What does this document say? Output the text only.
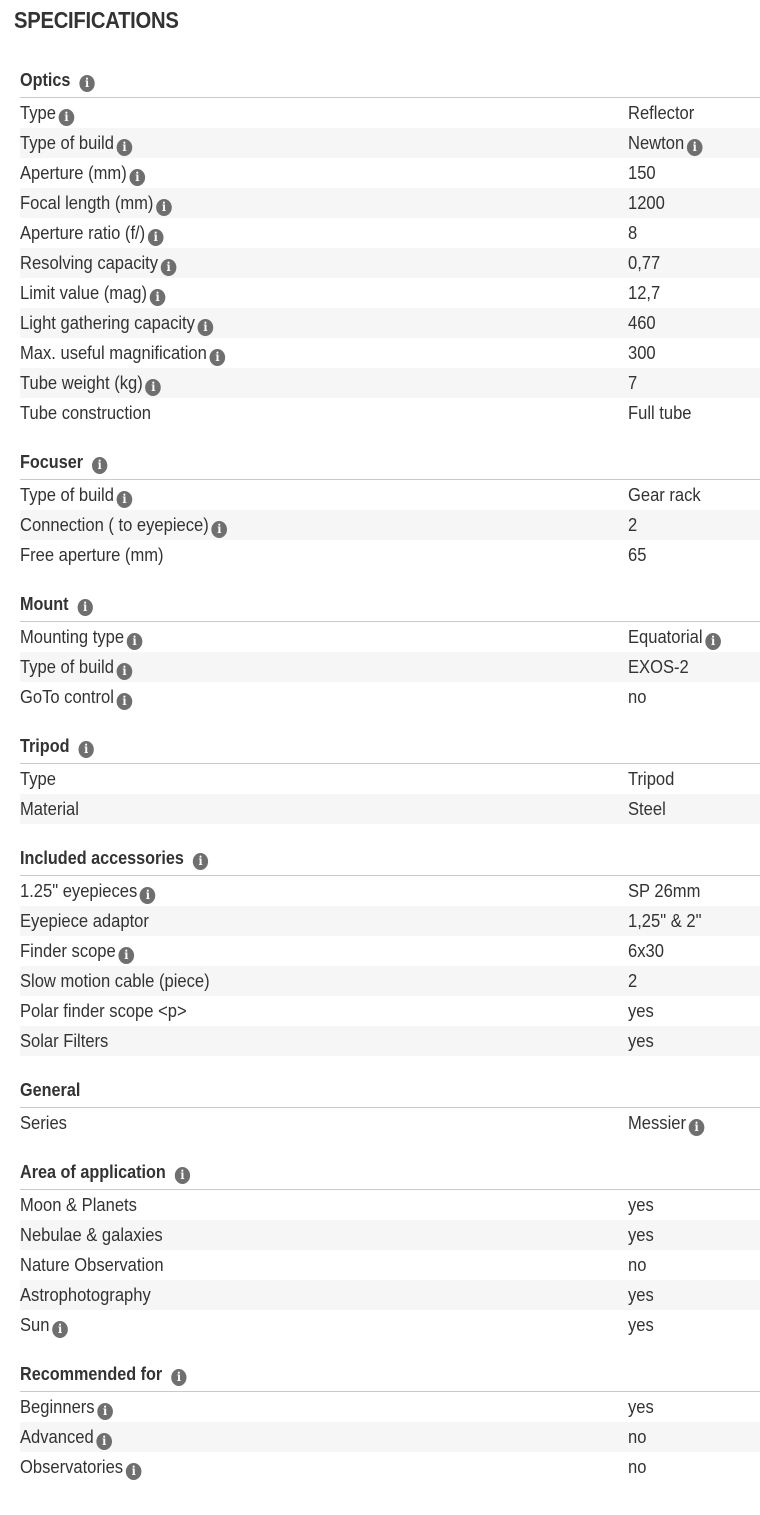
SPECIFICATIONS
Optics i
Type i	Reflector
Type of build i	Newton i
Aperture (mm) i	150
Focal length (mm) i	1200
Aperture ratio (f/) i	8
Resolving capacity i	0,77
Limit value (mag) i	12,7
Light gathering capacity i	460
Max. useful magnification i	300
Tube weight (kg) i	7
Tube construction	Full tube
Focuser i
Type of build i	Gear rack
Connection ( to eyepiece) i	2
Free aperture (mm)	65
Mount i
Mounting type i	Equatorial i
Type of build i	EXOS-2
GoTo control i	no
Tripod i
Type	Tripod
Material	Steel
Included accessories i
1.25" eyepieces i	SP 26mm
Eyepiece adaptor	1,25" & 2"
Finder scope i	6x30
Slow motion cable (piece)	2
Polar finder scope <p>	yes
Solar Filters	yes
General
Series	Messier i
Area of application i
Moon & Planets	yes
Nebulae & galaxies	yes
Nature Observation	no
Astrophotography	yes
Sun i	yes
Recommended for i
Beginners i	yes
Advanced i	no
Observatories i	no
